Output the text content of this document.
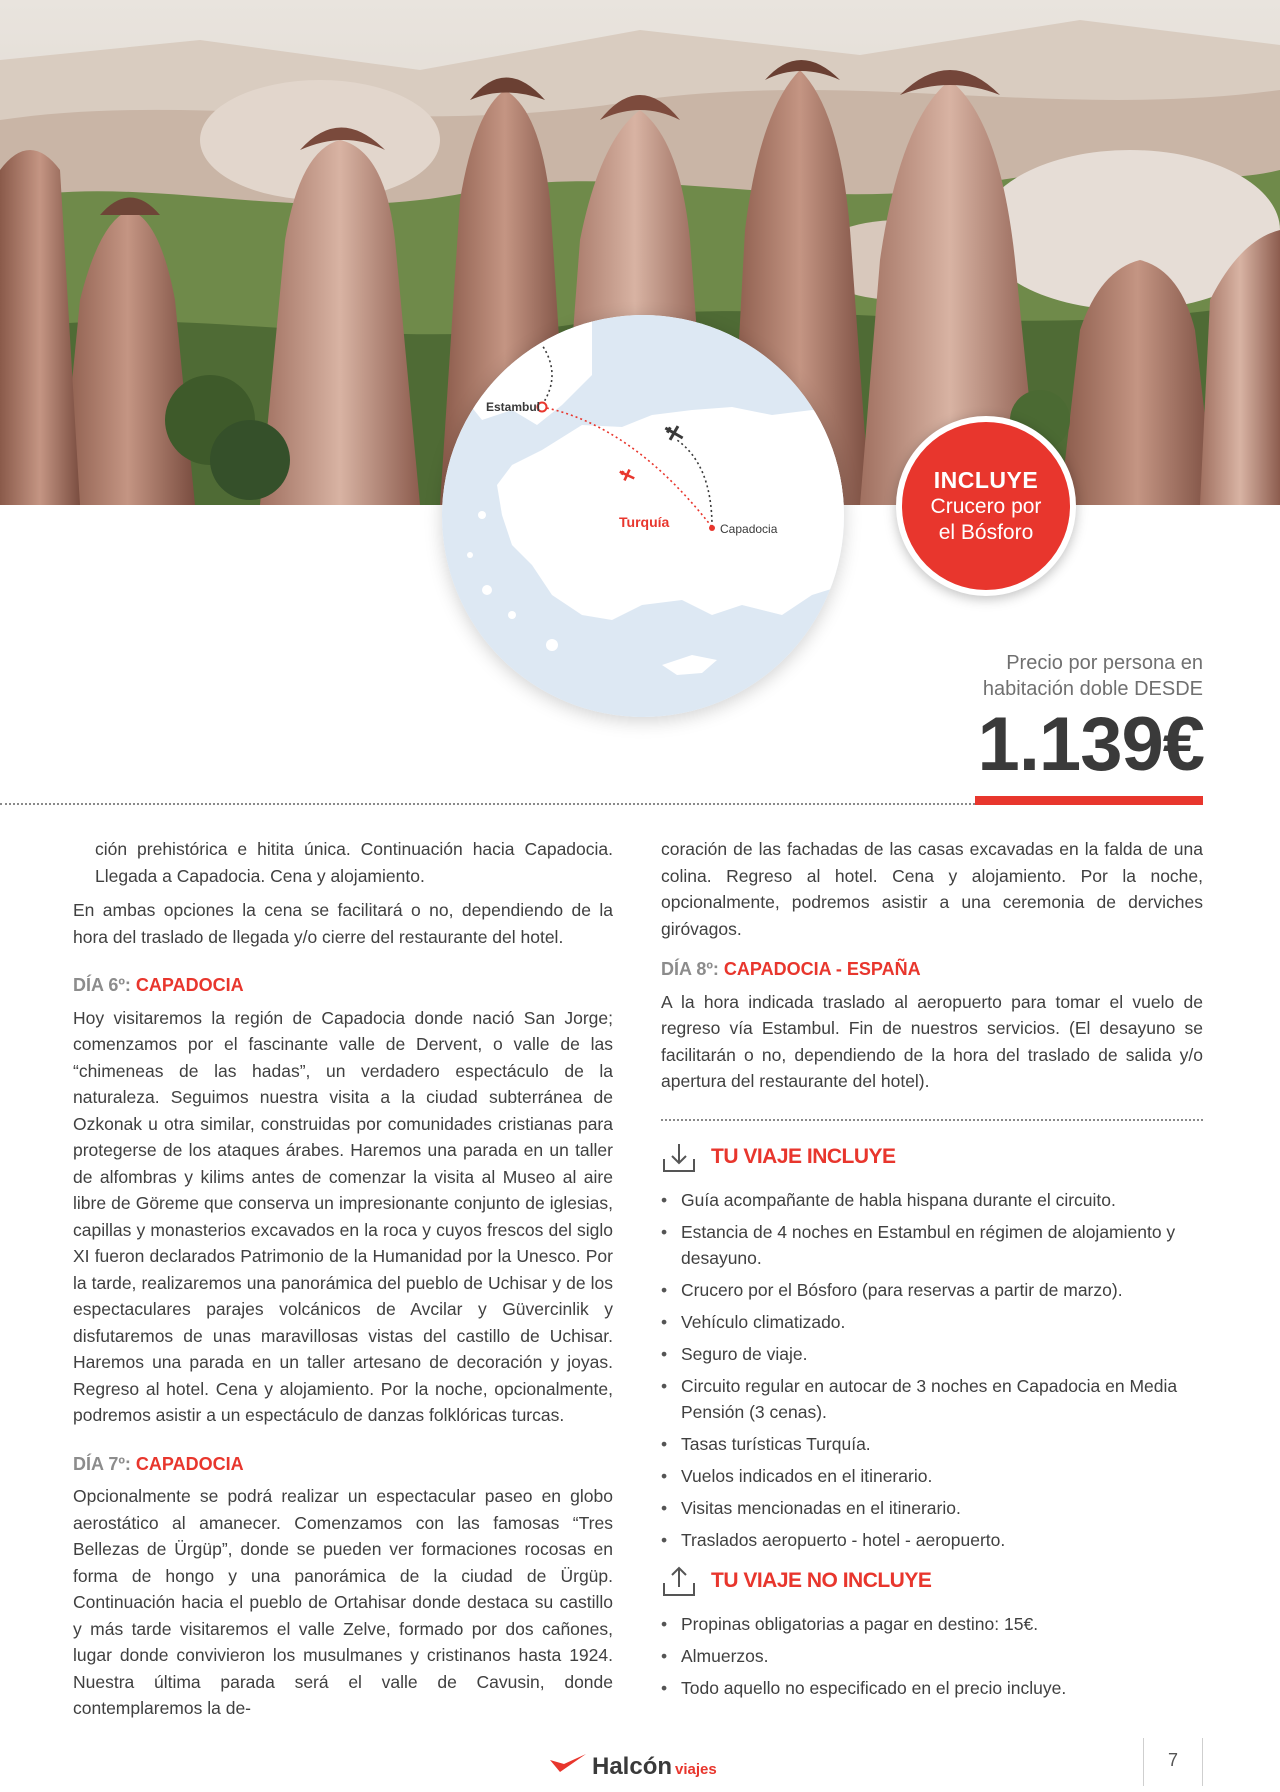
Estambul
Capadocia
Turquía
INCLUYE
Crucero por
el Bósforo
Precio por persona en
habitación doble DESDE
1.139€

ción prehistórica e hitita única. Continuación hacia Capadocia. Llegada a Capadocia. Cena y alojamiento.

En ambas opciones la cena se facilitará o no, dependiendo de la hora del traslado de llegada y/o cierre del restaurante del hotel.

DÍA 6º: CAPADOCIA

Hoy visitaremos la región de Capadocia donde nació San Jorge; comenzamos por el fascinante valle de Dervent, o valle de las “chimeneas de las hadas”, un verdadero espectáculo de la naturaleza. Seguimos nuestra visita a la ciudad subterránea de Ozkonak u otra similar, construidas por comunidades cristianas para protegerse de los ataques árabes. Haremos una parada en un taller de alfombras y kilims antes de comenzar la visita al Museo al aire libre de Göreme que conserva un impresionante conjunto de iglesias, capillas y monasterios excavados en la roca y cuyos frescos del siglo XI fueron declarados Patrimonio de la Humanidad por la Unesco. Por la tarde, realizaremos una panorámica del pueblo de Uchisar y de los espectaculares parajes volcánicos de Avcilar y Güvercinlik y disfutaremos de unas maravillosas vistas del castillo de Uchisar. Haremos una parada en un taller artesano de decoración y joyas. Regreso al hotel. Cena y alojamiento. Por la noche, opcionalmente, podremos asistir a un espectáculo de danzas folklóricas turcas.

DÍA 7º: CAPADOCIA

Opcionalmente se podrá realizar un espectacular paseo en globo aerostático al amanecer. Comenzamos con las famosas “Tres Bellezas de Ürgüp”, donde se pueden ver formaciones rocosas en forma de hongo y una panorámica de la ciudad de Ürgüp. Continuación hacia el pueblo de Ortahisar donde destaca su castillo y más tarde visitaremos el valle Zelve, formado por dos cañones, lugar donde convivieron los musulmanes y cristinanos hasta 1924. Nuestra última parada será el valle de Cavusin, donde contemplaremos la de-

coración de las fachadas de las casas excavadas en la falda de una colina. Regreso al hotel. Cena y alojamiento. Por la noche, opcionalmente, podremos asistir a una ceremonia de derviches giróvagos.

DÍA 8º: CAPADOCIA - ESPAÑA

A la hora indicada traslado al aeropuerto para tomar el vuelo de regreso vía Estambul. Fin de nuestros servicios. (El desayuno se facilitarán o no, dependiendo de la hora del traslado de salida y/o apertura del restaurante del hotel).

TU VIAJE INCLUYE
• Guía acompañante de habla hispana durante el circuito.
• Estancia de 4 noches en Estambul en régimen de alojamiento y desayuno.
• Crucero por el Bósforo (para reservas a partir de marzo).
• Vehículo climatizado.
• Seguro de viaje.
• Circuito regular en autocar de 3 noches en Capadocia en Media Pensión (3 cenas).
• Tasas turísticas Turquía.
• Vuelos indicados en el itinerario.
• Visitas mencionadas en el itinerario.
• Traslados aeropuerto - hotel - aeropuerto.
TU VIAJE NO INCLUYE
• Propinas obligatorias a pagar en destino: 15€.
• Almuerzos.
• Todo aquello no especificado en el precio incluye.
Halcón viajes	7
